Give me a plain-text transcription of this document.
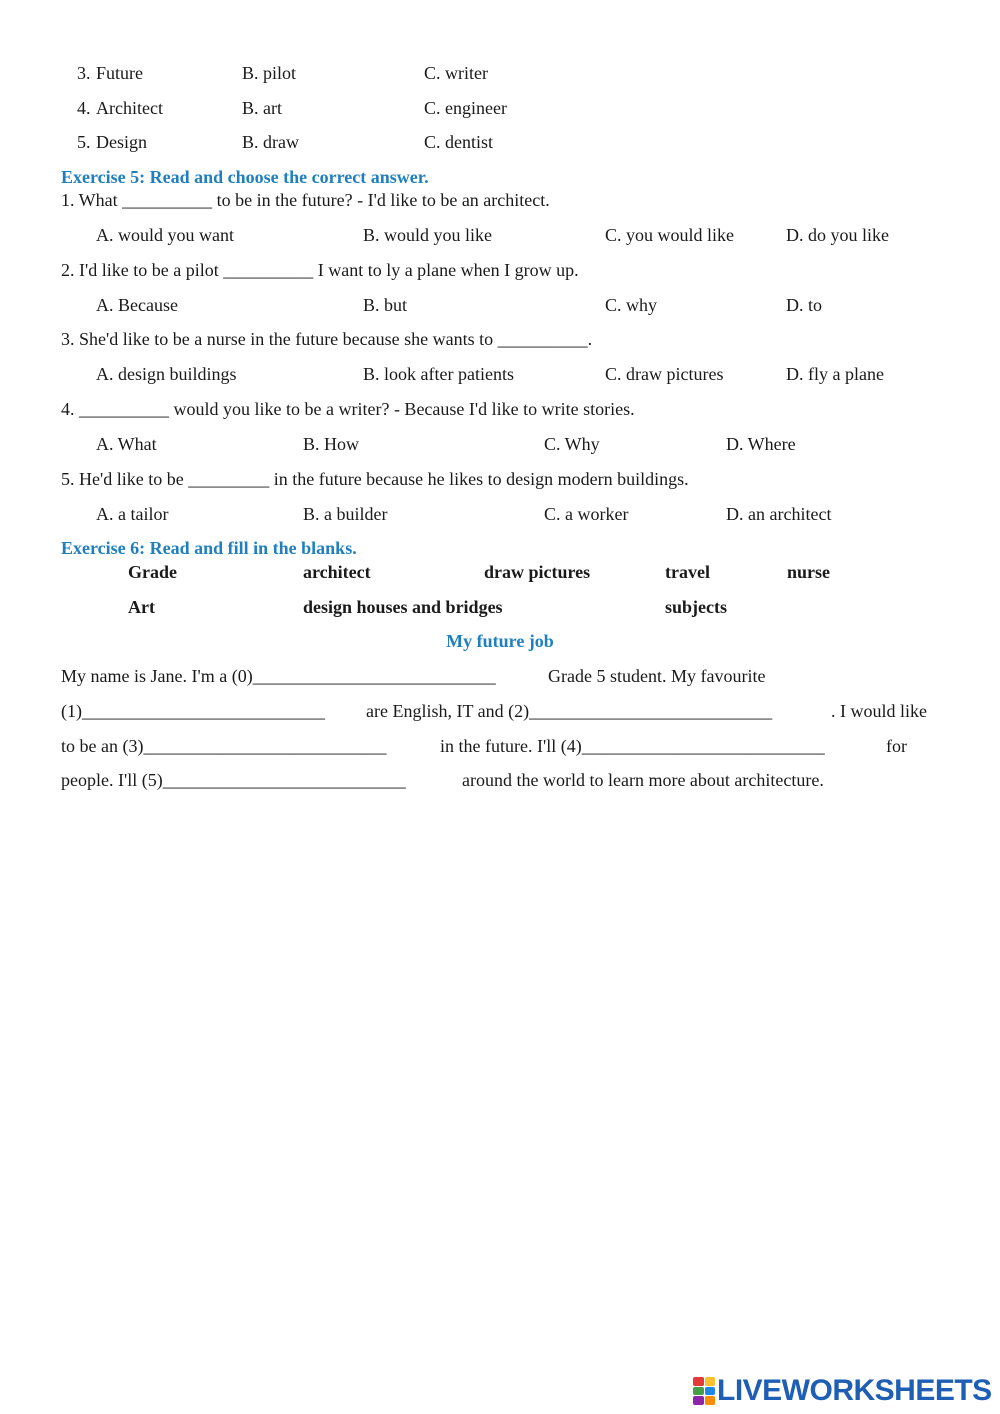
3. Future	B. pilot	C. writer
4. Architect	B. art	C. engineer
5. Design	B. draw	C. dentist
Exercise 5: Read and choose the correct answer.
1. What __________ to be in the future? - I'd like to be an architect.
A. would you want	B. would you like	C. you would like	D. do you like
2. I'd like to be a pilot __________ I want to ly a plane when I grow up.
A. Because	B. but	C. why	D. to
3. She'd like to be a nurse in the future because she wants to __________.
A. design buildings	B. look after patients	C. draw pictures	D. fly a plane
4. __________ would you like to be a writer? - Because I'd like to write stories.
A. What	B. How	C. Why	D. Where
5. He'd like to be _________ in the future because he likes to design modern buildings.
A. a tailor	B. a builder	C. a worker	D. an architect
Exercise 6: Read and fill in the blanks.
Grade	architect	draw pictures	travel	nurse
Art	design houses and bridges	subjects
My future job
My name is Jane. I'm a (0)___________________________	Grade 5 student. My favourite
(1)___________________________ are English, IT and (2)___________________________	. I would like
to be an (3)___________________________	in the future. I'll (4)___________________________	for
people. I'll (5)___________________________	around the world to learn more about architecture.
LIVEWORKSHEETS
